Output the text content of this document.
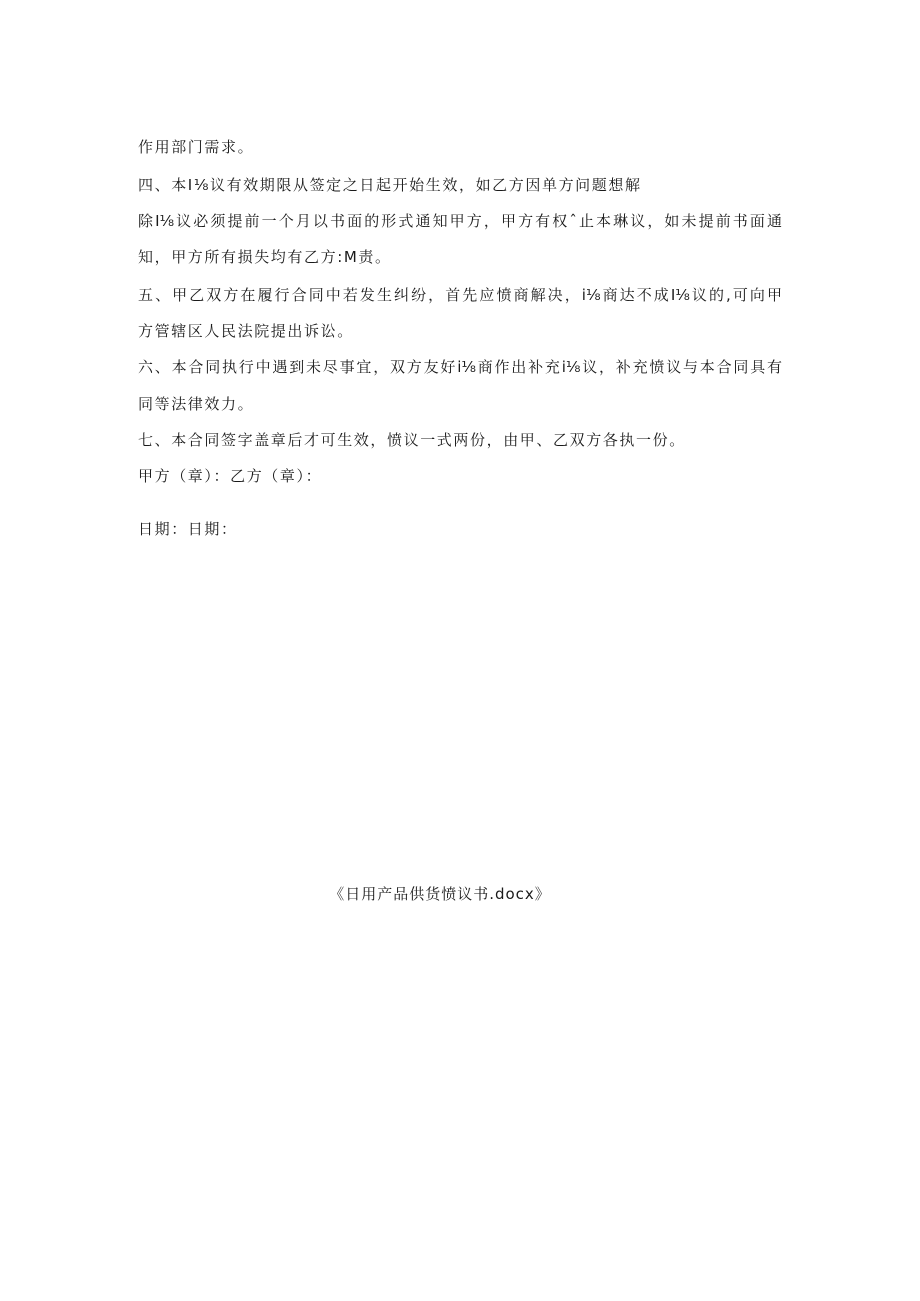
作用部门需求。
四、本I⅛议有效期限从签定之日起开始生效，如乙方因单方问题想解
除I⅛议必须提前一个月以书面的形式通知甲方，甲方有权ˆ止本琳议，如未提前书面通
知，甲方所有损失均有乙方:M责。
五、甲乙双方在履行合同中若发生纠纷，首先应愤商解决，i⅛商达不成I⅛议的,可向甲
方管辖区人民法院提出诉讼。
六、本合同执行中遇到未尽事宜，双方友好i⅛商作出补充i⅛议，补充愤议与本合同具有
同等法律效力。
七、本合同签字盖章后才可生效，愤议一式两份，由甲、乙双方各执一份。
甲方（章）：乙方（章）：
日期：日期：
《日用产品供货愤议书.docx》
